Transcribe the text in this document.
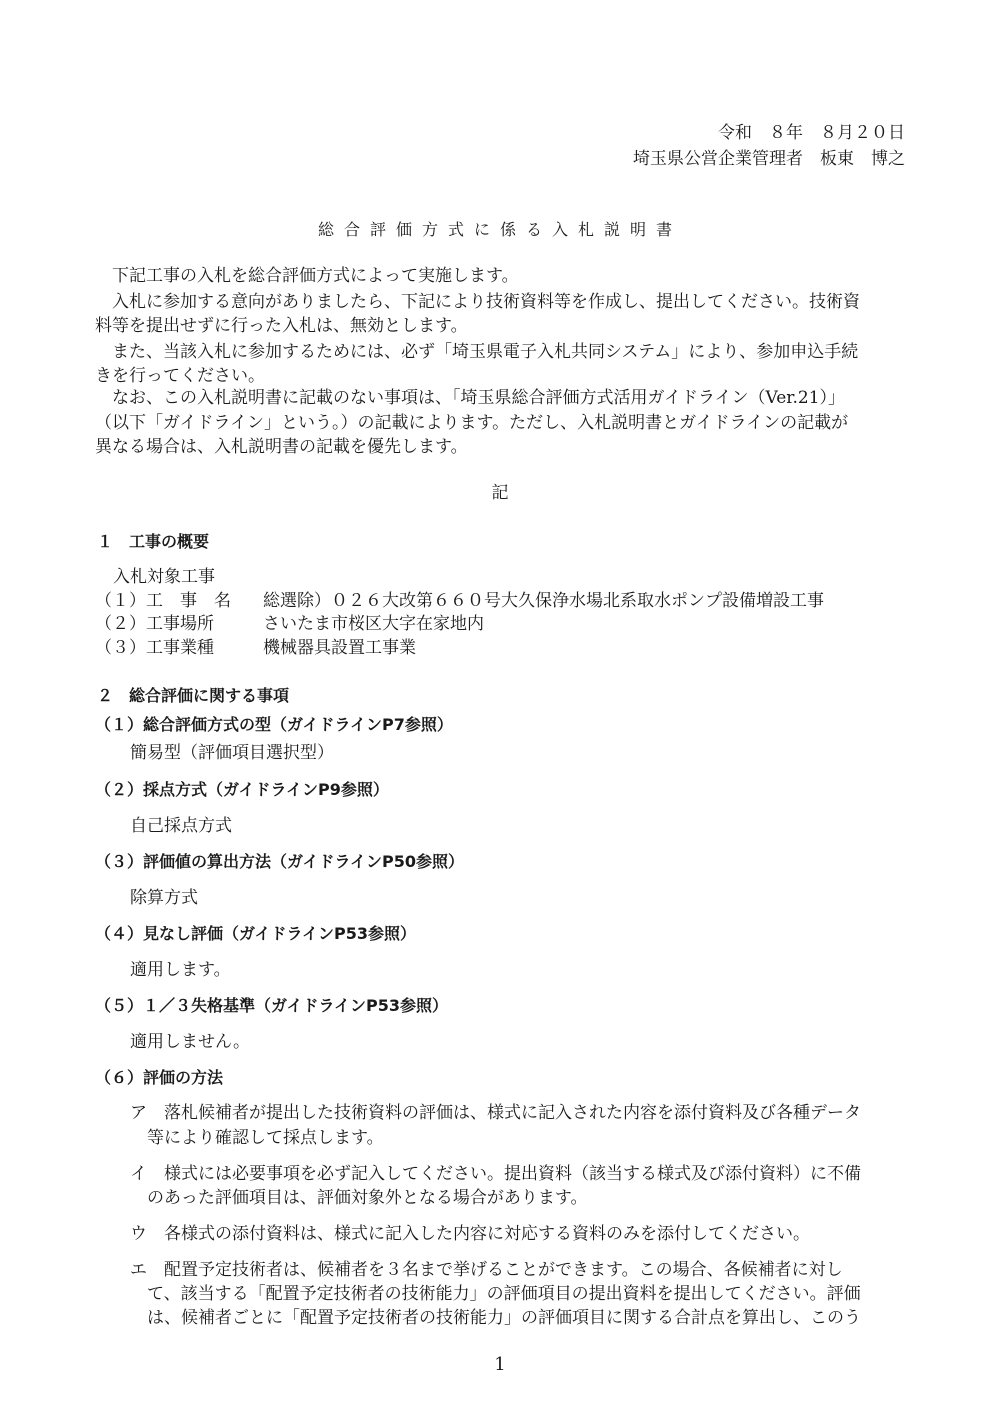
令和　８年　８月２０日
埼玉県公営企業管理者　板東　博之
総合評価方式に係る入札説明書
　下記工事の入札を総合評価方式によって実施します。
　入札に参加する意向がありましたら、下記により技術資料等を作成し、提出してください。技術資
料等を提出せずに行った入札は、無効とします。
　また、当該入札に参加するためには、必ず「埼玉県電子入札共同システム」により、参加申込手続
きを行ってください。
　なお、この入札説明書に記載のない事項は、「埼玉県総合評価方式活用ガイドライン（Ver.21）」
（以下「ガイドライン」という。）の記載によります。ただし、入札説明書とガイドラインの記載が
異なる場合は、入札説明書の記載を優先します。
記
１　工事の概要
入札対象工事
（１）工　事　名 総選除）０２６大改第６６０号大久保浄水場北系取水ポンプ設備増設工事
（２）工事場所	さいたま市桜区大字在家地内
（３）工事業種	機械器具設置工事業
２　総合評価に関する事項
（１）総合評価方式の型（ガイドラインP7参照）
簡易型（評価項目選択型）
（２）採点方式（ガイドラインP9参照）
自己採点方式
（３）評価値の算出方法（ガイドラインP50参照）
除算方式
（４）見なし評価（ガイドラインP53参照）
適用します。
（５）１／３失格基準（ガイドラインP53参照）
適用しません。
（６）評価の方法
ア　落札候補者が提出した技術資料の評価は、様式に記入された内容を添付資料及び各種データ
等により確認して採点します。
イ　様式には必要事項を必ず記入してください。提出資料（該当する様式及び添付資料）に不備
のあった評価項目は、評価対象外となる場合があります。
ウ　各様式の添付資料は、様式に記入した内容に対応する資料のみを添付してください。
エ　配置予定技術者は、候補者を３名まで挙げることができます。この場合、各候補者に対し
て、該当する「配置予定技術者の技術能力」の評価項目の提出資料を提出してください。評価
は、候補者ごとに「配置予定技術者の技術能力」の評価項目に関する合計点を算出し、このう
1
